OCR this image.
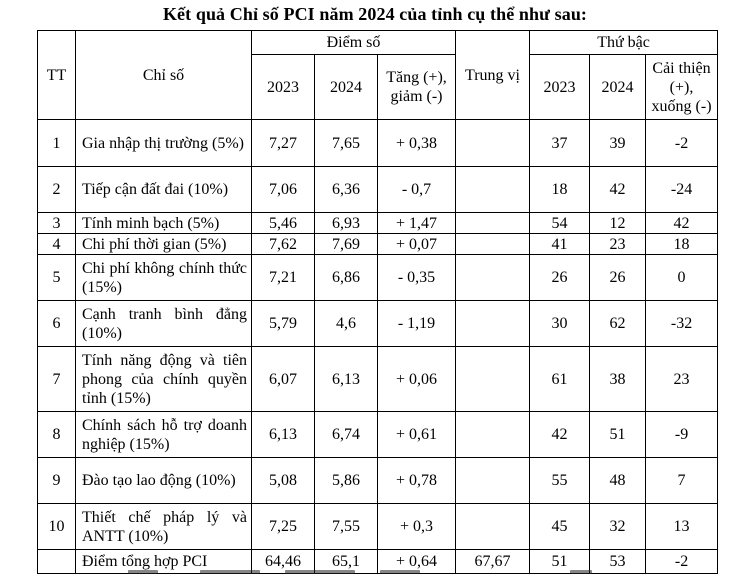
Kết quả Chỉ số PCI năm 2024 của tỉnh cụ thể như sau:
TT	Chỉ số	Điểm số			Trung vị	Thứ bậc		
		2023	2024	Tăng (+), giảm (-)		2023	2024	Cải thiện (+), xuống (-)
1	Gia nhập thị trường (5%)	7,27	7,65	+ 0,38		37	39	-2
2	Tiếp cận đất đai (10%)	7,06	6,36	- 0,7		18	42	-24
3	Tính minh bạch (5%)	5,46	6,93	+ 1,47		54	12	42
4	Chi phí thời gian (5%)	7,62	7,69	+ 0,07		41	23	18
5	Chi phí không chính thức (15%)	7,21	6,86	- 0,35		26	26	0
6	Cạnh tranh bình đẳng (10%)	5,79	4,6	- 1,19		30	62	-32
7	Tính năng động và tiên phong của chính quyền tỉnh (15%)	6,07	6,13	+ 0,06		61	38	23
8	Chính sách hỗ trợ doanh nghiệp (15%)	6,13	6,74	+ 0,61		42	51	-9
9	Đào tạo lao động (10%)	5,08	5,86	+ 0,78		55	48	7
10	Thiết chế pháp lý và ANTT (10%)	7,25	7,55	+ 0,3		45	32	13
	Điểm tổng hợp PCI	64,46	65,1	+ 0,64	67,67	51	53	-2
